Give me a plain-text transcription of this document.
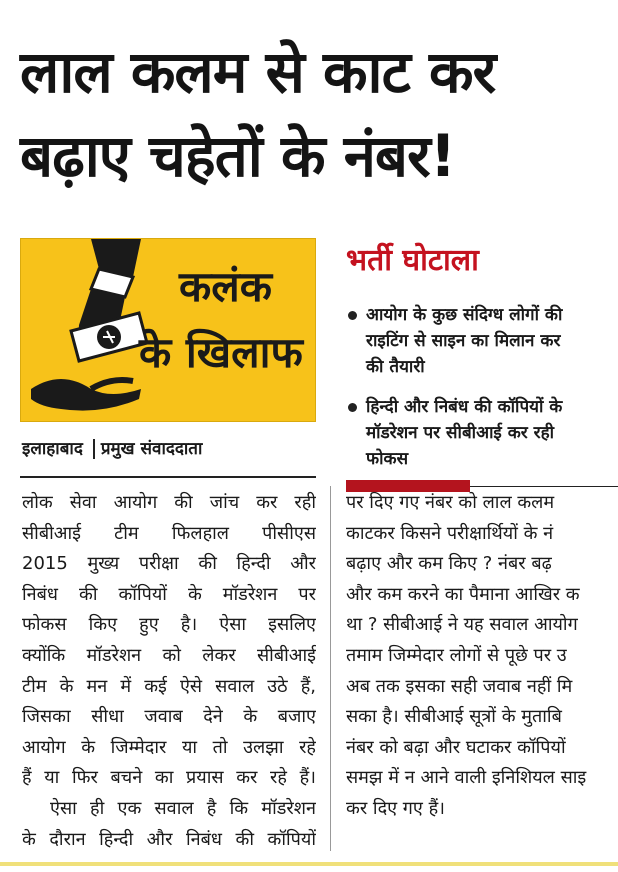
लाल कलम से काट कर
बढ़ाए चहेतों के नंबर!
कलंक
के खिलाफ
इलाहाबाद प्रमुख संवाददाता
भर्ती घोटाला
आयोग के कुछ संदिग्ध लोगों की
राइटिंग से साइन का मिलान कर
की तैयारी
हिन्दी और निबंध की कॉपियों के
मॉडरेशन पर सीबीआई कर रही
फोकस
लोक सेवा आयोग की जांच कर रही
सीबीआई टीम फिलहाल पीसीएस
2015 मुख्य परीक्षा की हिन्दी और
निबंध की कॉपियों के मॉडरेशन पर
फोकस किए हुए है। ऐसा इसलिए
क्योंकि मॉडरेशन को लेकर सीबीआई
टीम के मन में कई ऐसे सवाल उठे हैं,
जिसका सीधा जवाब देने के बजाए
आयोग के जिम्मेदार या तो उलझा रहे
हैं या फिर बचने का प्रयास कर रहे हैं।
ऐसा ही एक सवाल है कि मॉडरेशन
के दौरान हिन्दी और निबंध की कॉपियों
पर दिए गए नंबर को लाल कलम
काटकर किसने परीक्षार्थियों के नं
बढ़ाए और कम किए ? नंबर बढ़
और कम करने का पैमाना आखिर क
था ? सीबीआई ने यह सवाल आयोग
तमाम जिम्मेदार लोगों से पूछे पर उ
अब तक इसका सही जवाब नहीं मि
सका है। सीबीआई सूत्रों के मुताबि
नंबर को बढ़ा और घटाकर कॉपियों
समझ में न आने वाली इनिशियल साइ
कर दिए गए हैं।
